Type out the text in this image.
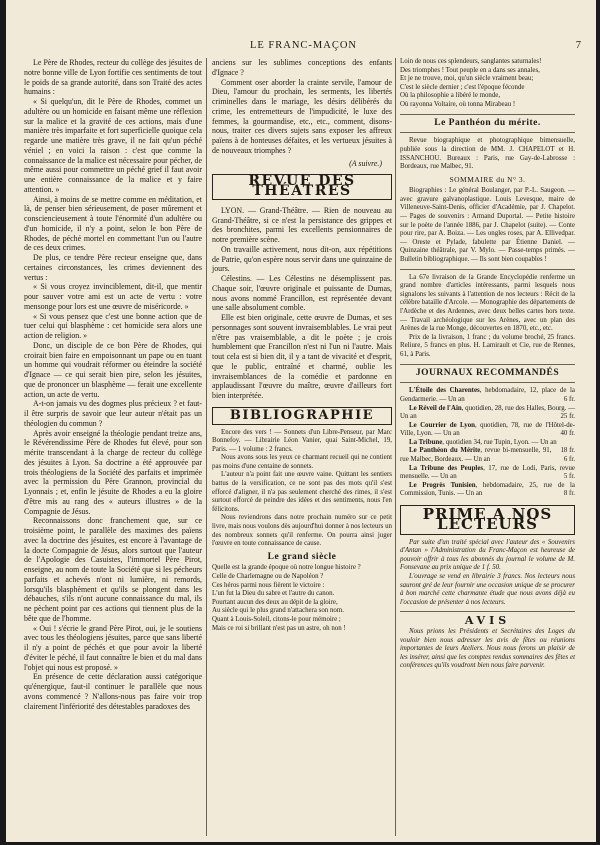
LE FRANC-MAÇON	7

Le Père de Rhodes, recteur du collège des jésuites de notre bonne ville de Lyon fortifie ces sentiments de tout le poids de sa grande autorité, dans son Traité des actes humains :

« Si quelqu'un, dit le Père de Rhodes, commet un adultère ou un homicide en faisant même une réflexion sur la malice et la gravité de ces actions, mais d'une manière très imparfaite et fort superficielle quoique cela regarde une matière très grave, il ne fait qu'un péché véniel ; en voici la raison : c'est que comme la connaissance de la malice est nécessaire pour pécher, de même aussi pour commettre un péché grief il faut avoir une entière connaissance de la malice et y faire attention. »

Ainsi, à moins de se mettre comme en méditation, et là, de penser bien sérieusement, de poser mûrement et consciencieusement à toute l'énormité d'un adultère ou d'un homicide, il n'y a point, selon le bon Père de Rhodes, de péché mortel en commettant l'un ou l'autre de ces deux crimes.

De plus, ce tendre Père recteur enseigne que, dans certaines circonstances, les crimes deviennent des vertus :

« Si vous croyez invinciblement, dit-il, que mentir pour sauver votre ami est un acte de vertu : votre mensonge pour lors est une œuvre de miséricorde. »

« Si vous pensez que c'est une bonne action que de tuer celui qui blasphème : cet homicide sera alors une action de religion. »

Donc, un disciple de ce bon Père de Rhodes, qui croirait bien faire en empoisonnant un pape ou en tuant un homme qui voudrait réformer ou éteindre la société d'Ignace — ce qui serait bien pire, selon les jésuites, que de prononcer un blasphème — ferait une excellente action, un acte de vertu.

A-t-on jamais vu des dogmes plus précieux ? et faut-il être surpris de savoir que leur auteur n'était pas un théologien du commun ?

Après avoir enseigné la théologie pendant treize ans, le Révérendissime Père de Rhodes fut élevé, pour son mérite transcendant à la charge de recteur du collège des jésuites à Lyon. Sa doctrine a été approuvée par trois théologiens de la Société des parfaits et imprimée avec la permission du Père Grannon, provincial du Lyonnais ; et, enfin le jésuite de Rhodes a eu la gloire d'être mis au rang des « auteurs illustres » de la Compagnie de Jésus.

Reconnaissons donc franchement que, sur ce troisième point, le parallèle des maximes des païens avec la doctrine des jésuites, est encore à l'avantage de la docte Compagnie de Jésus, alors surtout que l'auteur de l'Apologie des Casuistes, l'immortel Père Pirot, enseigne, au nom de toute la Société que si les pécheurs parfaits et achevés n'ont ni lumière, ni remords, lorsqu'ils blasphèment et qu'ils se plongent dans les débauches, s'ils n'ont aucune connaissance du mal, ils ne pèchent point par ces actions qui tiennent plus de la bête que de l'homme.

« Oui ! s'écrie le grand Père Pirot, oui, je le soutiens avec tous les théologiens jésuites, parce que sans liberté il n'y a point de péchés et que pour avoir la liberté d'éviter le péché, il faut connaître le bien et du mal dans l'objet qui nous est proposé. »

En présence de cette déclaration aussi catégorique qu'énergique, faut-il continuer le parallèle que nous avons commencé ? N'allons-nous pas faire voir trop clairement l'infériorité des détestables paradoxes des

anciens sur les sublimes conceptions des enfants d'Ignace ?

Comment oser aborder la crainte servile, l'amour de Dieu, l'amour du prochain, les serments, les libertés criminelles dans le mariage, les désirs délibérés du crime, les entremetteurs de l'impudicité, le luxe des femmes, la gourmandise, etc., etc., comment, disons-nous, traiter ces divers sujets sans exposer les affreux païens à de honteuses défaites, et les vertueux jésuites à de nouveaux triomphes ?

(A suivre.)

REVUE DES THÉATRES

LYON. — Grand-Théâtre. — Rien de nouveau au Grand-Théâtre, si ce n'est la persistance des grippes et des bronchites, parmi les excellents pensionnaires de notre première scène.

On travaille activement, nous dit-on, aux répétitions de Patrie, qu'on espère nous servir dans une quinzaine de jours.

Célestins. — Les Célestins ne désemplissent pas. Chaque soir, l'œuvre originale et puissante de Dumas, nous avons nommé Francillon, est représentée devant une salle absolument comble.

Elle est bien originale, cette œuvre de Dumas, et ses personnages sont souvent invraisemblables. Le vrai peut n'être pas vraisemblable, a dit le poète ; je crois humblement que Francillon n'est ni l'un ni l'autre. Mais tout cela est si bien dit, il y a tant de vivacité et d'esprit, que le public, entraîné et charmé, oublie les invraisemblances de la comédie et pardonne en applaudissant l'œuvre du maître, œuvre d'ailleurs fort bien interprétée.

BIBLIOGRAPHIE

Encore des vers ! — Sonnets d'un Libre-Penseur, par Marc Bonnefoy. — Librairie Léon Vanier, quai Saint-Michel, 19, Paris. — 1 volume : 2 francs.

Nous avons sous les yeux ce charmant recueil qui ne contient pas moins d'une centaine de sonnets.

L'auteur n'a point fait une œuvre vaine. Quittant les sentiers battus de la versification, ce ne sont pas des mots qu'il s'est efforcé d'aligner, il n'a pas seulement cherché des rimes, il s'est surtout efforcé de peindre des idées et des sentiments, nous l'en félicitons.

Nous reviendrons dans notre prochain numéro sur ce petit livre, mais nous voulons dès aujourd'hui donner à nos lecteurs un des nombreux sonnets qu'il renferme. On pourra ainsi juger l'œuvre en toute connaissance de cause.

Le grand siècle

Quelle est la grande époque où notre longue histoire ?

Celle de Charlemagne ou de Napoléon ?

Ces héros parmi nous fièrent le victoire :

L'un fut la Dieu du sabre et l'autre du canon.

Pourtant aucun des deux au dépit de la gloire,

Au siècle qui le plus grand n'attachera son nom.

Quant à Louis-Soleil, citons-le pour mémoire ;

Mais ce roi si brillant n'est pas un astre, oh non !

Loin de nous ces splendeurs, sanglantes saturnales!

Des triomphes ! Tout peuple en a dans ses annales,

Et je ne trouve, moi, qu'un siècle vraiment beau;

C'est le siècle dernier ; c'est l'époque féconde

Où la philosophie a libéré le monde,

Où rayonna Voltaire, où tonna Mirabeau !

Le Panthéon du mérite.

Revue biographique et photographique bimensuelle, publiée sous la direction de MM. J. CHAPELOT et H. ISSANCHOU. Bureaux : Paris, rue Gay-de-Labrosse : Bordeaux, rue Malbec, 91.

SOMMAIRE du N° 3.

Biographies : Le général Boulanger, par P.-L. Saugeon. — avec gravure galvanoplastique. Louis Levesque, maire de Villeneuve-Saint-Denis, officier d'Académie, par J. Chapelot. — Pages de souvenirs : Armand Duportal. — Petite histoire sur le poète de l'année 1886, par J. Chapelot (suite). — Conte pour rire, par A. Boiza. — Les ongles roses, par A. Ellivedpar. — Oreste et Pylade, fabulette par Étienne Daniel. — Quinzaine théâtrale, par V. Mylo. — Passe-temps primés. — Bulletin bibliographique. — Ils sont bien coupables !

La 67e livraison de la Grande Encyclopédie renferme un grand nombre d'articles intéressants, parmi lesquels nous signalons les suivants à l'attention de nos lecteurs : Récit de la célèbre bataille d'Arcole. — Monographie des départements de l'Ardèche et des Ardennes, avec deux belles cartes hors texte. — Travail archéologique sur les Arènes, avec un plan des Arènes de la rue Monge, découvertes en 1870, etc., etc.

Prix de la livraison, 1 franc ; du volume broché, 25 francs. Reliure, 5 francs en plus. H. Lamirault et Cie, rue de Rennes, 61, à Paris.

JOURNAUX RECOMMANDÉS

L'Étoile des Charentes, hebdomadaire, 12, place de la Gendarmerie. — Un an	6 fr.

Le Réveil de l'Ain, quotidien, 28, rue des Halles, Bourg. — Un an	25 fr.

Le Courrier de Lyon, quotidien, 78, rue de l'Hôtel-de-Ville, Lyon. — Un an	40 fr.

La Tribune, quotidien 34, rue Tupin, Lyon. — Un an
18 fr.

Le Panthéon du Mérite, revue bi-mensuelle, 91, rue Malbec, Bordeaux. — Un an	6 fr.

La Tribune des Peuples, 17, rue de Lodi, Paris, revue mensuelle. — Un an	5 fr.

Le Progrès Tunisien, hebdomadaire, 25, rue de la Commission, Tunis. — Un an	8 fr.

PRIME A NOS LECTEURS

Par suite d'un traité spécial avec l'auteur des « Souvenirs d'Antan » l'Administration du Franc-Maçon est heureuse de pouvoir offrir à tous les abonnés du journal le volume de M. Fonsevane au prix unique de 1 f. 50.

L'ouvrage se vend en librairie 3 francs. Nos lecteurs nous sauront gré de leur fournir une occasion unique de se procurer à bon marché cette charmante étude que nous avons déjà eu l'occasion de présenter à nos lecteurs.

AVIS

Nous prions les Présidents et Secrétaires des Loges du vouloir bien nous adresser les avis de fêtes ou réunions importantes de leurs Ateliers. Nous nous ferons un plaisir de les insérer, ainsi que les comptes rendus sommaires des fêtes et conférences qu'ils voudront bien nous faire parvenir.
